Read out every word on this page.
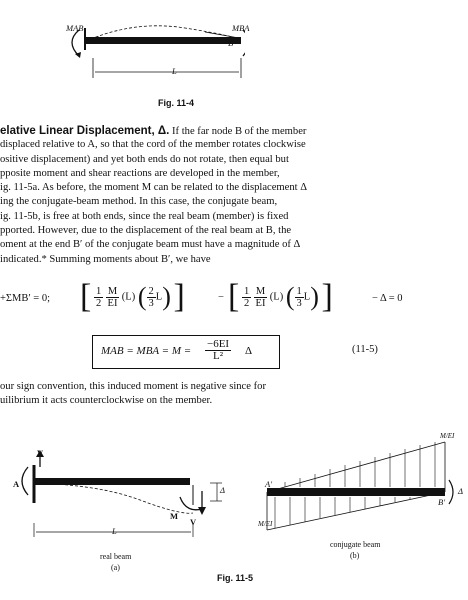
MAB	MBA
A	B
θB
L
Fig. 11-4
elative Linear Displacement, Δ. If the far node B of the member
displaced relative to A, so that the cord of the member rotates clockwise
ositive displacement) and yet both ends do not rotate, then equal but
pposite moment and shear reactions are developed in the member,
ig. 11-5a. As before, the moment M can be related to the displacement Δ
ing the conjugate-beam method. In this case, the conjugate beam,
ig. 11-5b, is free at both ends, since the real beam (member) is fixed
pported. However, due to the displacement of the real beam at B, the
oment at the end B′ of the conjugate beam must have a magnitude of Δ
indicated.* Summing moments about B′, we have
+ΣMB′ = 0; [ $\frac{1}{2}$
$\frac{M}{EI} (L)$ ( $\frac{2}{3} L$) ]	− [ $\frac{1}{2}$
$\frac{M}{EI} (L)$ ( $\frac{1}{3} L$) ]	− Δ = 0
MAB = MBA = $M = \frac{-6EI}{\text{L²}}$ Δ	(11-5)
our sign convention, this induced moment is negative since for
uilibrium it acts counterclockwise on the member.
A
V
M
V
Δ
L
real beam
(a)
A′
B′
M/EI
M/EI
Δ
conjugate beam
(b)
Fig. 11-5
